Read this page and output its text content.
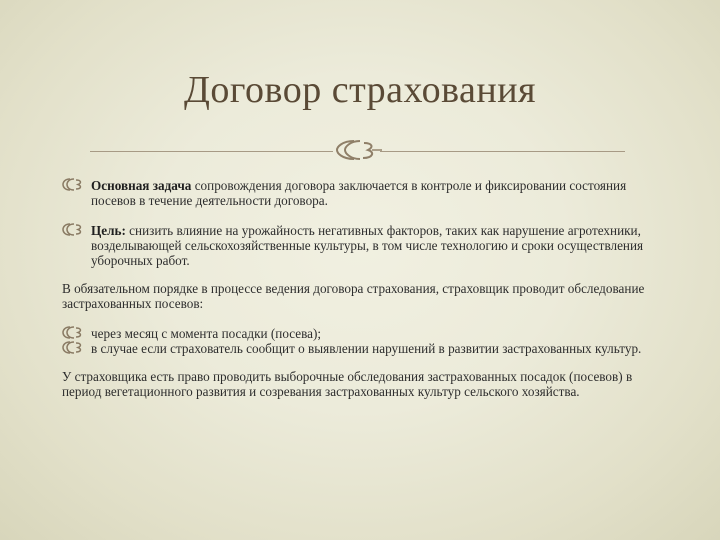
Договор страхования
Основная задача сопровождения договора заключается в контроле и фиксировании состояния посевов в течение деятельности договора.
Цель: снизить влияние на урожайность негативных факторов, таких как нарушение агротехники, возделывающей сельскохозяйственные культуры, в том числе технологию и сроки осуществления уборочных работ.
В обязательном порядке в процессе ведения договора страхования, страховщик проводит обследование застрахованных посевов:
через месяц с момента посадки (посева);
в случае если страхователь сообщит о выявлении нарушений в развитии застрахованных культур.
У страховщика есть право проводить выборочные обследования застрахованных посадок (посевов) в период вегетационного развития и созревания застрахованных культур сельского хозяйства.
